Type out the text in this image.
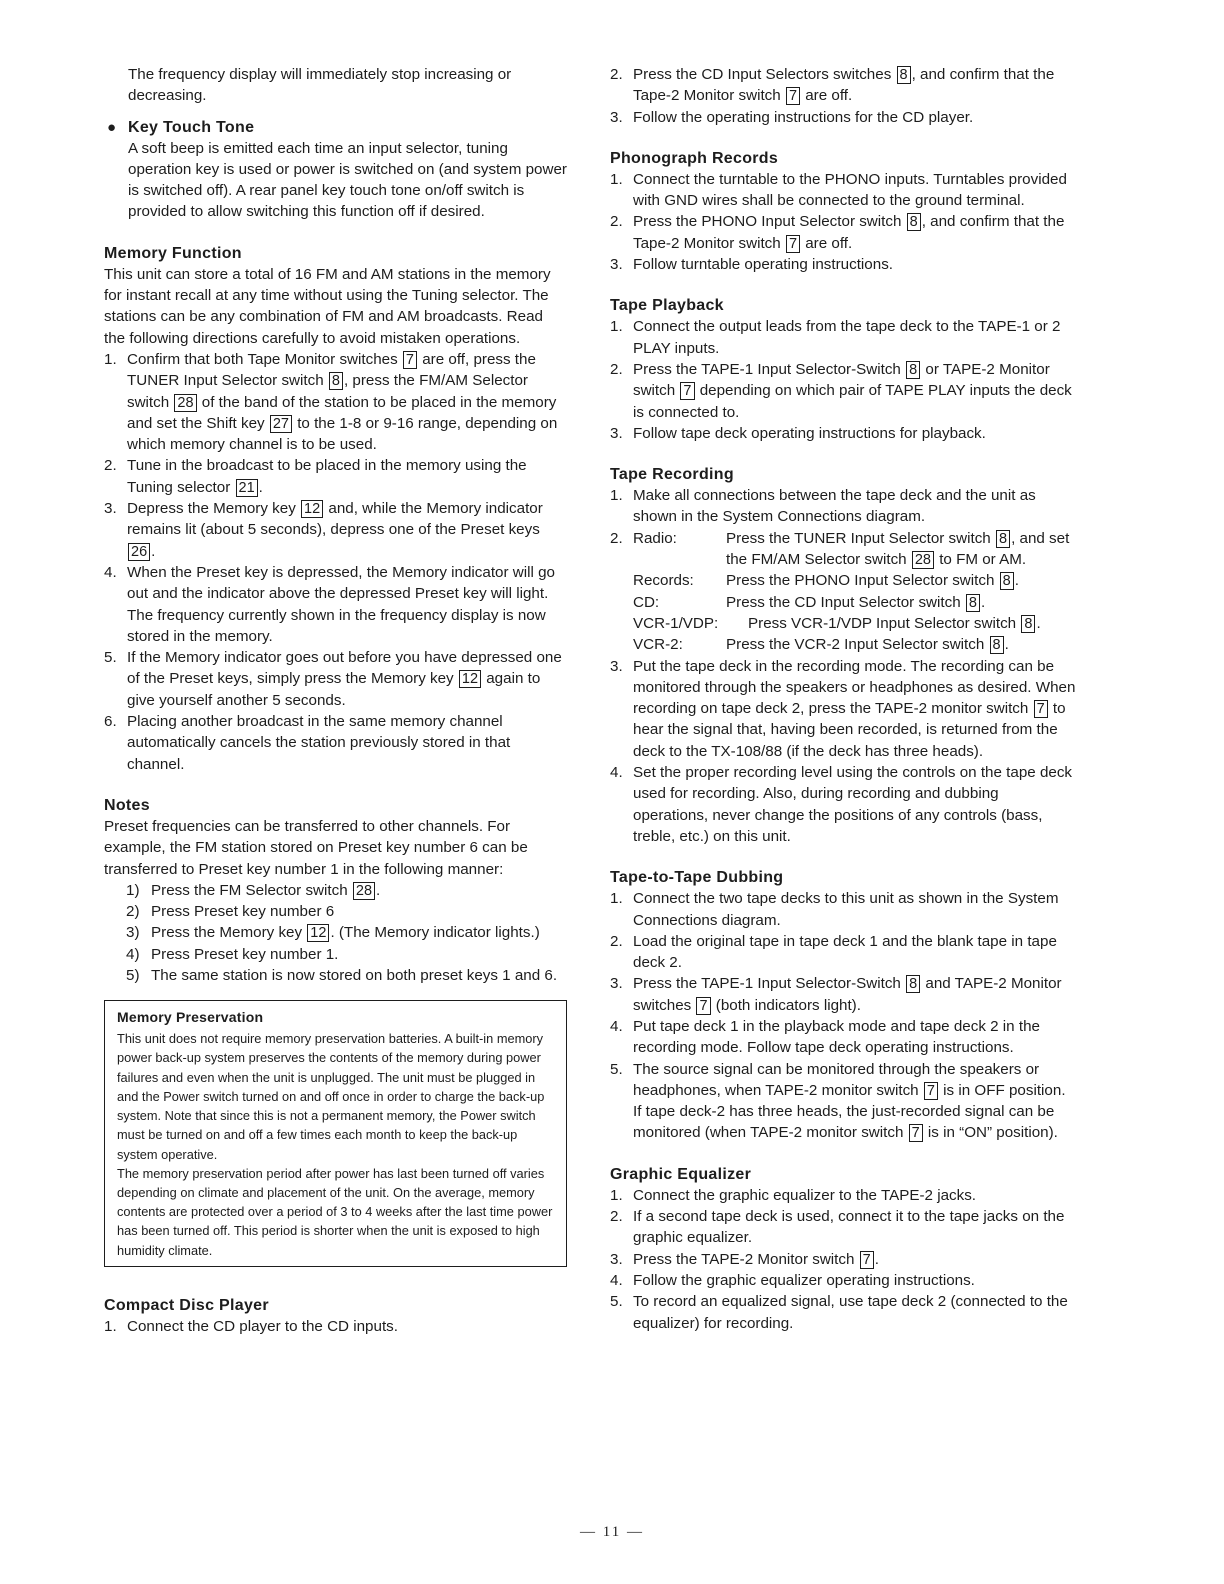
The frequency display will immediately stop increasing or decreasing.

● Key Touch Tone

A soft beep is emitted each time an input selector, tuning operation key is used or power is switched on (and system power is switched off). A rear panel key touch tone on/off switch is provided to allow switching this function off if desired.

Memory Function

This unit can store a total of 16 FM and AM stations in the memory for instant recall at any time without using the Tuning selector. The stations can be any combination of FM and AM broadcasts. Read the following directions carefully to avoid mistaken operations.

1. Confirm that both Tape Monitor switches 7 are off, press the TUNER Input Selector switch 8 , press the FM/AM Selector switch 28 of the band of the station to be placed in the memory and set the Shift key 27 to the 1-8 or 9-16 range, depending on which memory channel is to be used.
2. Tune in the broadcast to be placed in the memory using the Tuning selector 21 .
3. Depress the Memory key 12 and, while the Memory indicator remains lit (about 5 seconds), depress one of the Preset keys 26 .
4. When the Preset key is depressed, the Memory indicator will go out and the indicator above the depressed Preset key will light. The frequency currently shown in the frequency display is now stored in the memory.
5. If the Memory indicator goes out before you have depressed one of the Preset keys, simply press the Memory key 12 again to give yourself another 5 seconds.
6. Placing another broadcast in the same memory channel automatically cancels the station previously stored in that channel.

Notes

Preset frequencies can be transferred to other channels. For example, the FM station stored on Preset key number 6 can be transferred to Preset key number 1 in the following manner:

1) Press the FM Selector switch 28 .
2) Press Preset key number 6
3) Press the Memory key 12 . (The Memory indicator lights.)
4) Press Preset key number 1.
5) The same station is now stored on both preset keys 1 and 6.

Memory Preservation

This unit does not require memory preservation batteries. A built-in memory power back-up system preserves the contents of the memory during power failures and even when the unit is unplugged. The unit must be plugged in and the Power switch turned on and off once in order to charge the back-up system. Note that since this is not a permanent memory, the Power switch must be turned on and off a few times each month to keep the back-up system operative.

The memory preservation period after power has last been turned off varies depending on climate and placement of the unit. On the average, memory contents are protected over a period of 3 to 4 weeks after the last time power has been turned off. This period is shorter when the unit is exposed to high humidity climate.

Compact Disc Player

1. Connect the CD player to the CD inputs.
2. Press the CD Input Selectors switches 8 , and confirm that the Tape-2 Monitor switch 7 are off.
3. Follow the operating instructions for the CD player.

Phonograph Records

1. Connect the turntable to the PHONO inputs. Turntables provided with GND wires shall be connected to the ground terminal.
2. Press the PHONO Input Selector switch 8 , and confirm that the Tape-2 Monitor switch 7 are off.
3. Follow turntable operating instructions.

Tape Playback

1. Connect the output leads from the tape deck to the TAPE-1 or 2 PLAY inputs.
2. Press the TAPE-1 Input Selector-Switch 8 or TAPE-2 Monitor switch 7 depending on which pair of TAPE PLAY inputs the deck is connected to.
3. Follow tape deck operating instructions for playback.

Tape Recording

1. Make all connections between the tape deck and the unit as shown in the System Connections diagram.
2. Radio:	Press the TUNER Input Selector switch 8 , and set the FM/AM Selector switch 28 to FM or AM.
Records:	Press the PHONO Input Selector switch 8 .
CD:	Press the CD Input Selector switch 8 .
VCR-1/VDP:	Press VCR-1/VDP Input Selector switch 8 .
VCR-2:	Press the VCR-2 Input Selector switch 8 .
3. Put the tape deck in the recording mode. The recording can be monitored through the speakers or headphones as desired. When recording on tape deck 2, press the TAPE-2 monitor switch 7 to hear the signal that, having been recorded, is returned from the deck to the TX-108/88 (if the deck has three heads).
4. Set the proper recording level using the controls on the tape deck used for recording. Also, during recording and dubbing operations, never change the positions of any controls (bass, treble, etc.) on this unit.

Tape-to-Tape Dubbing

1. Connect the two tape decks to this unit as shown in the System Connections diagram.
2. Load the original tape in tape deck 1 and the blank tape in tape deck 2.
3. Press the TAPE-1 Input Selector-Switch 8 and TAPE-2 Monitor switches 7 (both indicators light).
4. Put tape deck 1 in the playback mode and tape deck 2 in the recording mode. Follow tape deck operating instructions.
5. The source signal can be monitored through the speakers or headphones, when TAPE-2 monitor switch 7 is in OFF position. If tape deck-2 has three heads, the just-recorded signal can be monitored (when TAPE-2 monitor switch 7 is in “ON” position).

Graphic Equalizer

1. Connect the graphic equalizer to the TAPE-2 jacks.
2. If a second tape deck is used, connect it to the tape jacks on the graphic equalizer.
3. Press the TAPE-2 Monitor switch 7 .
4. Follow the graphic equalizer operating instructions.
5. To record an equalized signal, use tape deck 2 (connected to the equalizer) for recording.
— 11 —
